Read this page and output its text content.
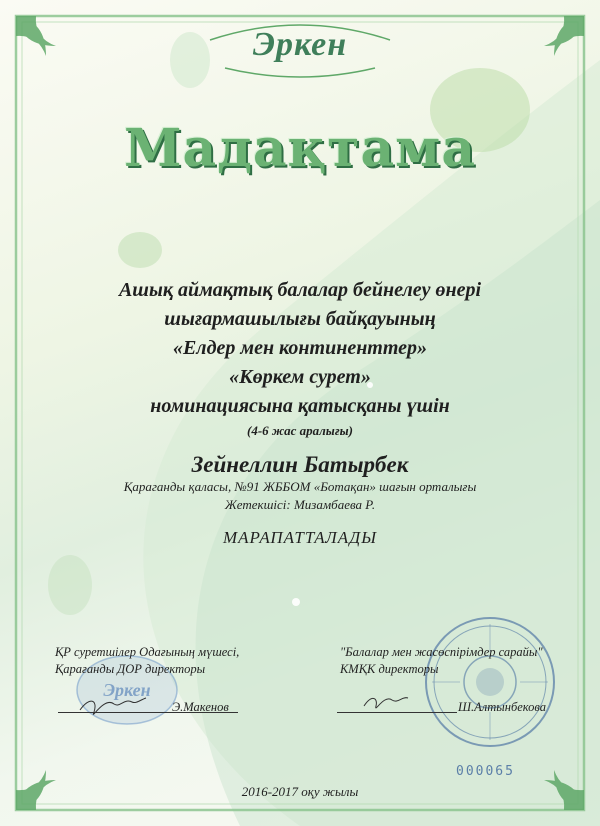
Эркен
Мадақтама
Ашық аймақтық балалар бейнелеу өнері
шығармашылығы байқауының
«Елдер мен континенттер»
«Көркем сурет»
номинациясына қатысқаны үшін
(4-6 жас аралығы)
Зейнеллин Батырбек
Қараганды қаласы, №91 ЖББОМ «Ботақан» шағын орталығы
Жетекшісі: Мизамбаева Р.
МАРАПАТТАЛАДЫ
Эркен
ҚР суретшілер Одағының мүшесі,
Қарағанды ДОР директоры
Э.Макенов
"Балалар мен жасөспірімдер сарайы"
КМҚК директоры
Ш.Алтынбекова
000065
2016-2017 оқу жылы
